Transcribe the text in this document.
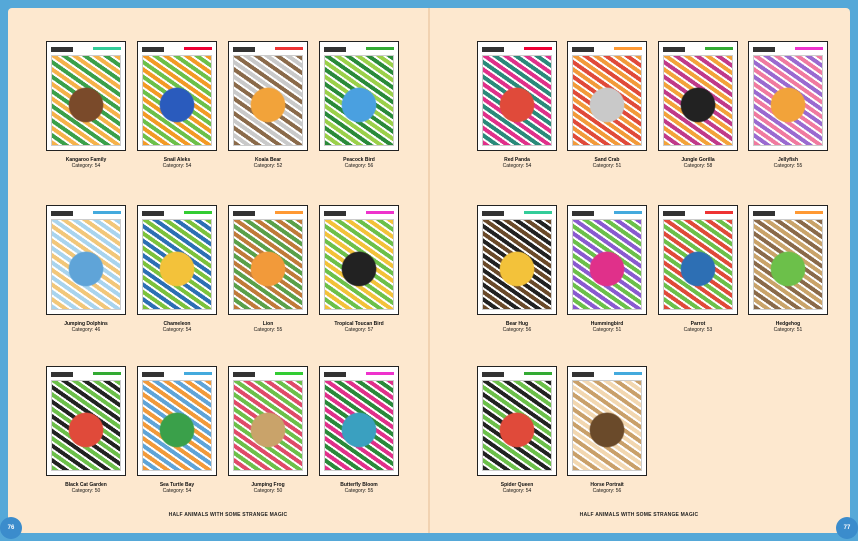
76
HALF ANIMALS WITH SOME STRANGE MAGIC
Kangaroo Family
Category: 54
Snail Aleks
Category: 54
Koala Bear
Category: 52
Peacock Bird
Category: 56
Jumping Dolphins
Category: 46
Chameleon
Category: 54
Lion
Category: 55
Tropical Toucan Bird
Category: 57
Black Cat Garden
Category: 50
Sea Turtle Bay
Category: 54
Jumping Frog
Category: 50
Butterfly Bloom
Category: 55
77
HALF ANIMALS WITH SOME STRANGE MAGIC
Red Panda
Category: 54
Sand Crab
Category: 51
Jungle Gorilla
Category: 58
Jellyfish
Category: 55
Bear Hug
Category: 56
Hummingbird
Category: 51
Parrot
Category: 53
Hedgehog
Category: 51
Spider Queen
Category: 54
Horse Portrait
Category: 56
